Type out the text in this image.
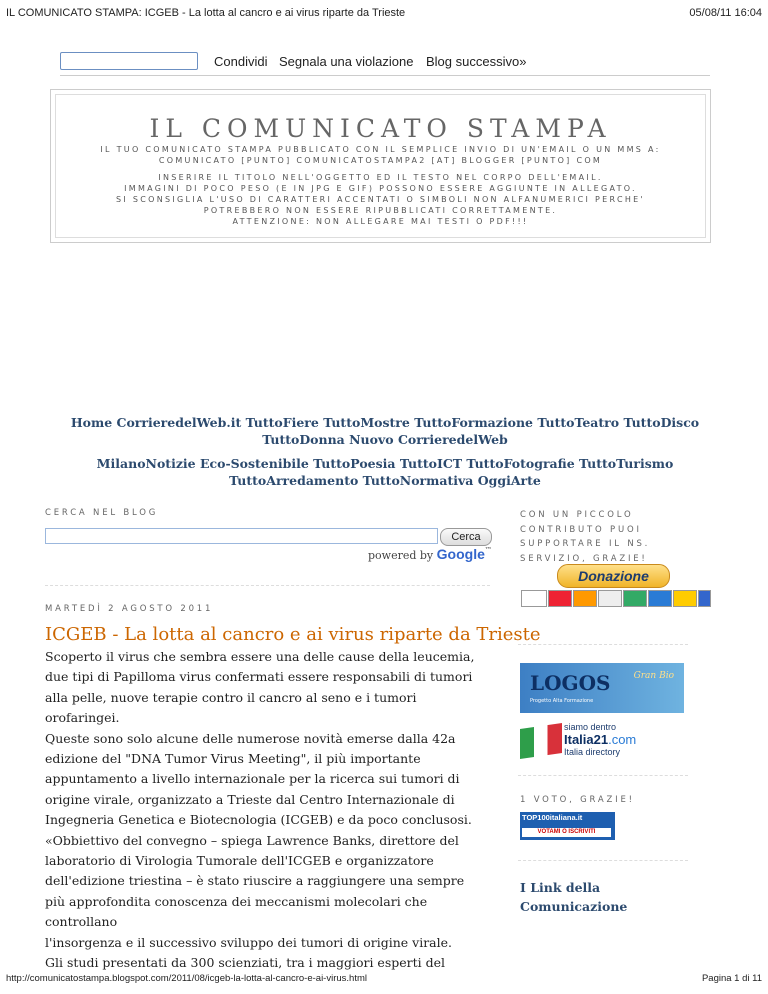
IL COMUNICATO STAMPA: ICGEB - La lotta al cancro e ai virus riparte da Trieste	05/08/11 16:04
Condividi Segnala una violazione Blog successivo»
IL COMUNICATO STAMPA
IL TUO COMUNICATO STAMPA PUBBLICATO CON IL SEMPLICE INVIO DI UN'EMAIL O UN MMS A:
COMUNICATO [PUNTO] COMUNICATOSTAMPA2 [AT] BLOGGER [PUNTO] COM
INSERIRE IL TITOLO NELL'OGGETTO ED IL TESTO NEL CORPO DELL'EMAIL.
IMMAGINI DI POCO PESO (E IN JPG E GIF) POSSONO ESSERE AGGIUNTE IN ALLEGATO.
SI SCONSIGLIA L'USO DI CARATTERI ACCENTATI O SIMBOLI NON ALFANUMERICI PERCHE'
POTREBBERO NON ESSERE RIPUBBLICATI CORRETTAMENTE.
ATTENZIONE: NON ALLEGARE MAI TESTI O PDF!!!
Home CorrieredelWeb.it TuttoFiere TuttoMostre TuttoFormazione TuttoTeatro TuttoDisco
TuttoDonna Nuovo CorrieredelWeb
MilanoNotizie Eco-Sostenibile TuttoPoesia TuttoICT TuttoFotografie TuttoTurismo
TuttoArredamento TuttoNormativa OggiArte
CERCA NEL BLOG
Cerca
powered by Google™
MARTEDÌ 2 AGOSTO 2011
ICGEB - La lotta al cancro e ai virus riparte da Trieste

Scoperto il virus che sembra essere una delle cause della leucemia,

due tipi di Papilloma virus confermati essere responsabili di tumori

alla pelle, nuove terapie contro il cancro al seno e i tumori

orofaringei.

Queste sono solo alcune delle numerose novità emerse dalla 42a

edizione del "DNA Tumor Virus Meeting", il più importante

appuntamento a livello internazionale per la ricerca sui tumori di

origine virale, organizzato a Trieste dal Centro Internazionale di

Ingegneria Genetica e Biotecnologia (ICGEB) e da poco conclusosi.

«Obbiettivo del convegno – spiega Lawrence Banks, direttore del

laboratorio di Virologia Tumorale dell'ICGEB e organizzatore

dell'edizione triestina – è stato riuscire a raggiungere una sempre

più approfondita conoscenza dei meccanismi molecolari che controllano

l'insorgenza e il successivo sviluppo dei tumori di origine virale.

Gli studi presentati da 300 scienziati, tra i maggiori esperti del

CON UN PICCOLO
CONTRIBUTO PUOI
SUPPORTARE IL NS.
SERVIZIO, GRAZIE!
Donazione
LOGOS
Progetto Alta Formazione
Gran Bio
siamo dentro
Italia21.com
Italia directory
1 VOTO, GRAZIE!
TOP100italiana.it
VOTAMI O ISCRIVITI
I Link della
Comunicazione
http://comunicatostampa.blogspot.com/2011/08/icgeb-la-lotta-al-cancro-e-ai-virus.html	Pagina 1 di 11
